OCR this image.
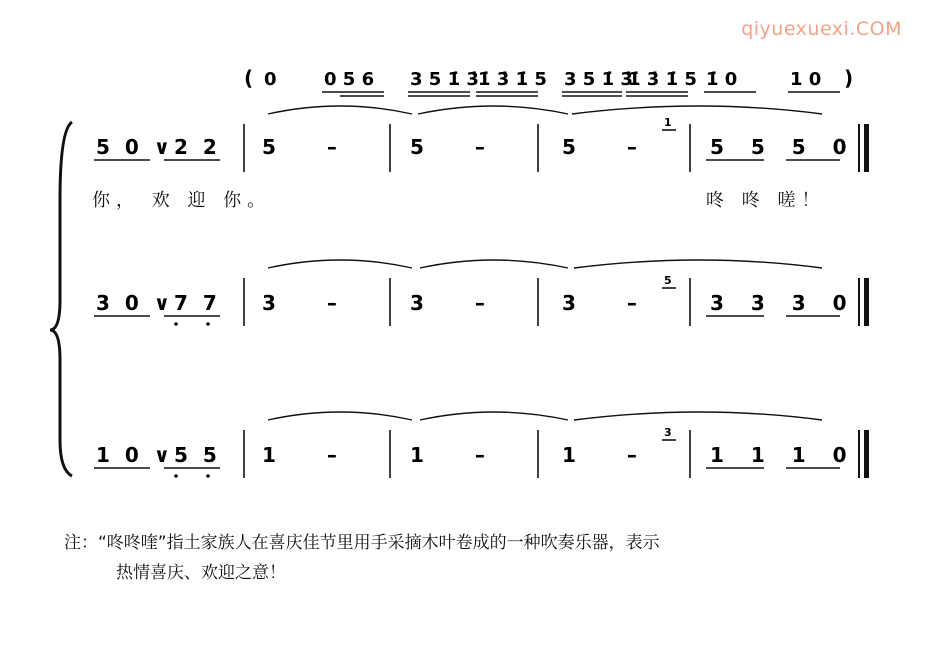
qiyuexuexi.COM
( 0	0 5 6 3 5 1̇ 3̇ 1̇ 3̇ 1̇ 5 3 5 1̇ 3̇
1̇ 3̇ 1̇ 5 1̇ 0	1 0 )
5 0 ∨2 2 5 –	5 –	5 –
1
5 5 5 0
3 0 ∨7 7 3 –	3 –	3 –
5
3 3 3 0
1 0 ∨5 5 1 –	1 –	1 –
3
1 1 1 0
你， 欢 迎 你。	咚 咚 嗟！
注：“咚咚喹”指土家族人在喜庆佳节里用手采摘木叶卷成的一种吹奏乐器，表示
热情喜庆、欢迎之意！
